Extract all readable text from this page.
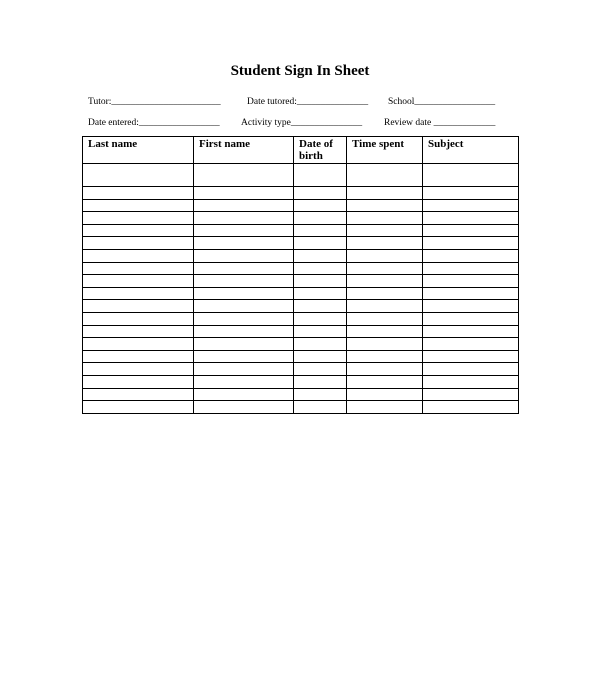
Student Sign In Sheet
Tutor:_______________________	Date tutored:_______________ School_________________
Date entered:_________________ Activity type_______________ Review date _____________
Last name	First name	Date of birth	Time spent	Subject
